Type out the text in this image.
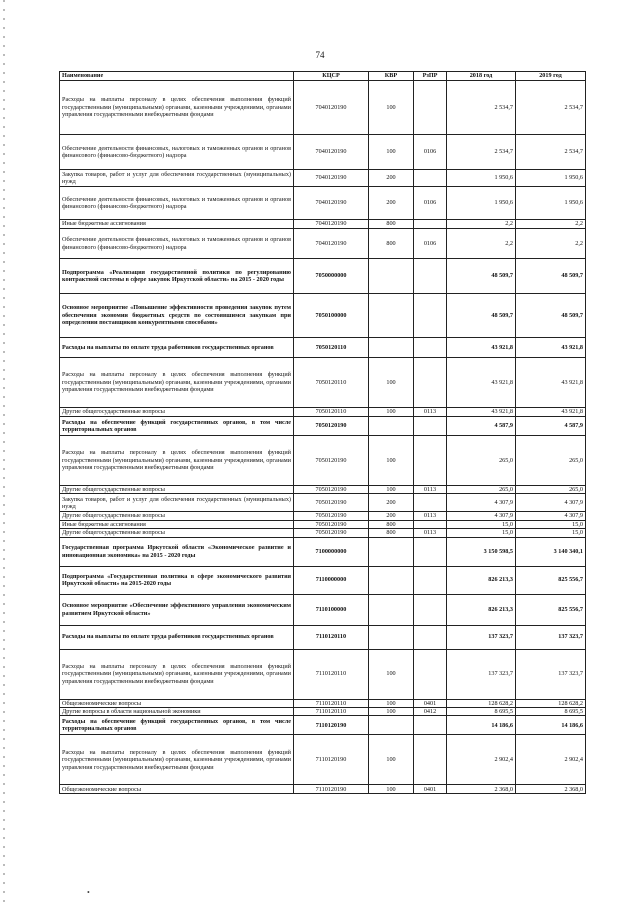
74
Наименование	КЦСР	КВР	РзПР	2018 год	2019 год
Расходы на выплаты персоналу в целях обеспечения выполнения функций государственными (муниципальными) органами, казенными учреждениями, органами управления государственными внебюджетными фондами	7040120190	100		2 534,7	2 534,7
Обеспечение деятельности финансовых, налоговых и таможенных органов и органов финансового (финансово-бюджетного) надзора	7040120190	100	0106	2 534,7	2 534,7
Закупка товаров, работ и услуг для обеспечения государственных (муниципальных) нужд	7040120190	200		1 950,6	1 950,6
Обеспечение деятельности финансовых, налоговых и таможенных органов и органов финансового (финансово-бюджетного) надзора	7040120190	200	0106	1 950,6	1 950,6
Иные бюджетные ассигнования	7040120190	800		2,2	2,2
Обеспечение деятельности финансовых, налоговых и таможенных органов и органов финансового (финансово-бюджетного) надзора	7040120190	800	0106	2,2	2,2
Подпрограмма «Реализация государственной политики по регулированию контрактной системы в сфере закупок Иркутской области» на 2015 - 2020 годы	7050000000			48 509,7	48 509,7
Основное мероприятие «Повышение эффективности проведения закупок путем обеспечения экономии бюджетных средств по состоявшимся закупкам при определении поставщиков конкурентными способами»	7050100000			48 509,7	48 509,7
Расходы на выплаты по оплате труда работников государственных органов	7050120110			43 921,8	43 921,8
Расходы на выплаты персоналу в целях обеспечения выполнения функций государственными (муниципальными) органами, казенными учреждениями, органами управления государственными внебюджетными фондами	7050120110	100		43 921,8	43 921,8
Другие общегосударственные вопросы	7050120110	100	0113	43 921,8	43 921,8
Расходы на обеспечение функций государственных органов, в том числе территориальных органов	7050120190			4 587,9	4 587,9
Расходы на выплаты персоналу в целях обеспечения выполнения функций государственными (муниципальными) органами, казенными учреждениями, органами управления государственными внебюджетными фондами	7050120190	100		265,0	265,0
Другие общегосударственные вопросы	7050120190	100	0113	265,0	265,0
Закупка товаров, работ и услуг для обеспечения государственных (муниципальных) нужд	7050120190	200		4 307,9	4 307,9
Другие общегосударственные вопросы	7050120190	200	0113	4 307,9	4 307,9
Иные бюджетные ассигнования	7050120190	800		15,0	15,0
Другие общегосударственные вопросы	7050120190	800	0113	15,0	15,0
Государственная программа Иркутской области «Экономическое развитие и инновационная экономика» на 2015 - 2020 годы	7100000000			3 150 598,5	3 140 340,1
Подпрограмма «Государственная политика в сфере экономического развития Иркутской области» на 2015-2020 годы	7110000000			826 213,3	825 556,7
Основное мероприятие «Обеспечение эффективного управления экономическим развитием Иркутской области»	7110100000			826 213,3	825 556,7
Расходы на выплаты по оплате труда работников государственных органов	7110120110			137 323,7	137 323,7
Расходы на выплаты персоналу в целях обеспечения выполнения функций государственными (муниципальными) органами, казенными учреждениями, органами управления государственными внебюджетными фондами	7110120110	100		137 323,7	137 323,7
Общеэкономические вопросы	7110120110	100	0401	128 628,2	128 628,2
Другие вопросы в области национальной экономики	7110120110	100	0412	8 695,5	8 695,5
Расходы на обеспечение функций государственных органов, в том числе территориальных органов	7110120190			14 186,6	14 186,6
Расходы на выплаты персоналу в целях обеспечения выполнения функций государственными (муниципальными) органами, казенными учреждениями, органами управления государственными внебюджетными фондами	7110120190	100		2 902,4	2 902,4
Общеэкономические вопросы	7110120190	100	0401	2 368,0	2 368,0
•
